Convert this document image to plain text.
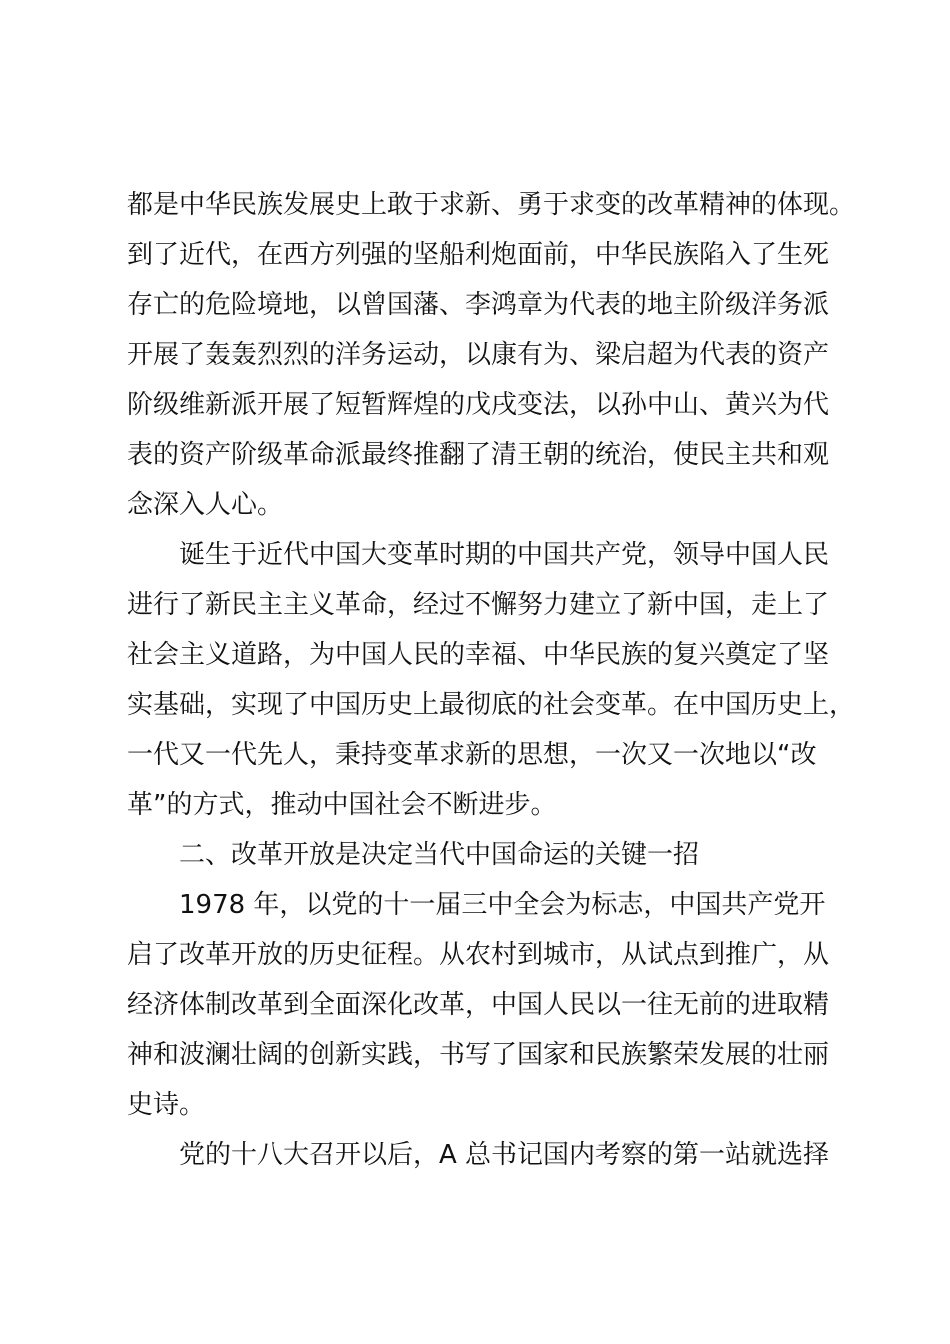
都是中华民族发展史上敢于求新、勇于求变的改革精神的体现。
到了近代，在西方列强的坚船利炮面前，中华民族陷入了生死
存亡的危险境地，以曾国藩、李鸿章为代表的地主阶级洋务派
开展了轰轰烈烈的洋务运动，以康有为、梁启超为代表的资产
阶级维新派开展了短暂辉煌的戊戌变法，以孙中山、黄兴为代
表的资产阶级革命派最终推翻了清王朝的统治，使民主共和观
念深入人心。
诞生于近代中国大变革时期的中国共产党，领导中国人民
进行了新民主主义革命，经过不懈努力建立了新中国，走上了
社会主义道路，为中国人民的幸福、中华民族的复兴奠定了坚
实基础，实现了中国历史上最彻底的社会变革。在中国历史上，
一代又一代先人，秉持变革求新的思想，一次又一次地以“改
革”的方式，推动中国社会不断进步。
二、改革开放是决定当代中国命运的关键一招
1978 年，以党的十一届三中全会为标志，中国共产党开
启了改革开放的历史征程。从农村到城市，从试点到推广，从
经济体制改革到全面深化改革，中国人民以一往无前的进取精
神和波澜壮阔的创新实践，书写了国家和民族繁荣发展的壮丽
史诗。
党的十八大召开以后，A 总书记国内考察的第一站就选择
